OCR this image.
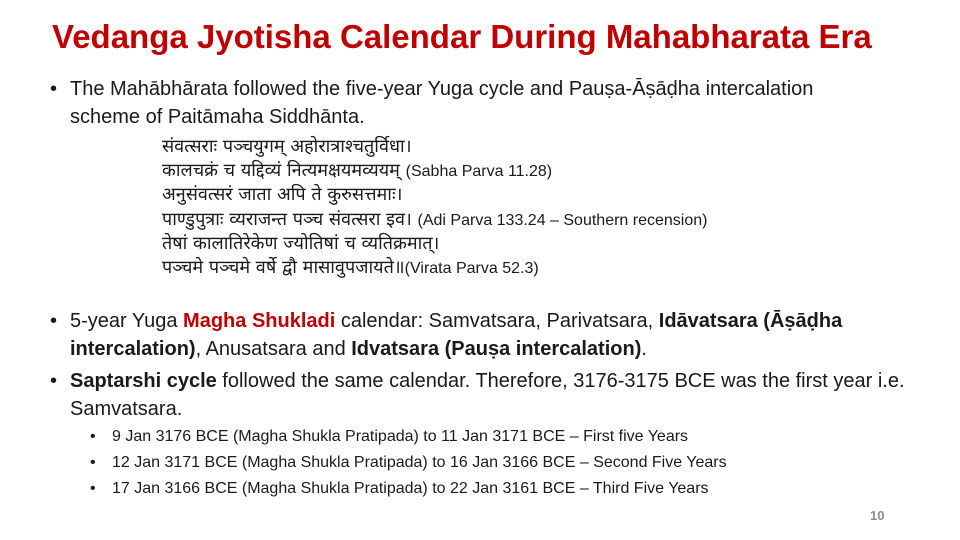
Vedanga Jyotisha Calendar During Mahabharata Era
• The Mahābhārata followed the five-year Yuga cycle and Pauṣa-Āṣāḍha intercalation
scheme of Paitāmaha Siddhānta.
संवत्सराः पञ्चयुगम् अहोरात्राश्चतुर्विधा।
कालचक्रं च यद्दिव्यं नित्यमक्षयमव्ययम् (Sabha Parva 11.28)
अनुसंवत्सरं जाता अपि ते कुरुसत्तमाः।
पाण्डुपुत्राः व्यराजन्त पञ्च संवत्सरा इव। (Adi Parva 133.24 – Southern recension)
तेषां कालातिरेकेण ज्योतिषां च व्यतिक्रमात्।
पञ्चमे पञ्चमे वर्षे द्वौ मासावुपजायते॥(Virata Parva 52.3)
• 5-year Yuga Magha Shukladi calendar: Samvatsara, Parivatsara, Idāvatsara (Āṣāḍha intercalation), Anusatsara and Idvatsara (Pauṣa intercalation).
• Saptarshi cycle followed the same calendar. Therefore, 3176-3175 BCE was the first year i.e. Samvatsara.
• 9 Jan 3176 BCE (Magha Shukla Pratipada) to 11 Jan 3171 BCE – First five Years
• 12 Jan 3171 BCE (Magha Shukla Pratipada) to 16 Jan 3166 BCE – Second Five Years
• 17 Jan 3166 BCE (Magha Shukla Pratipada) to 22 Jan 3161 BCE – Third Five Years
10
